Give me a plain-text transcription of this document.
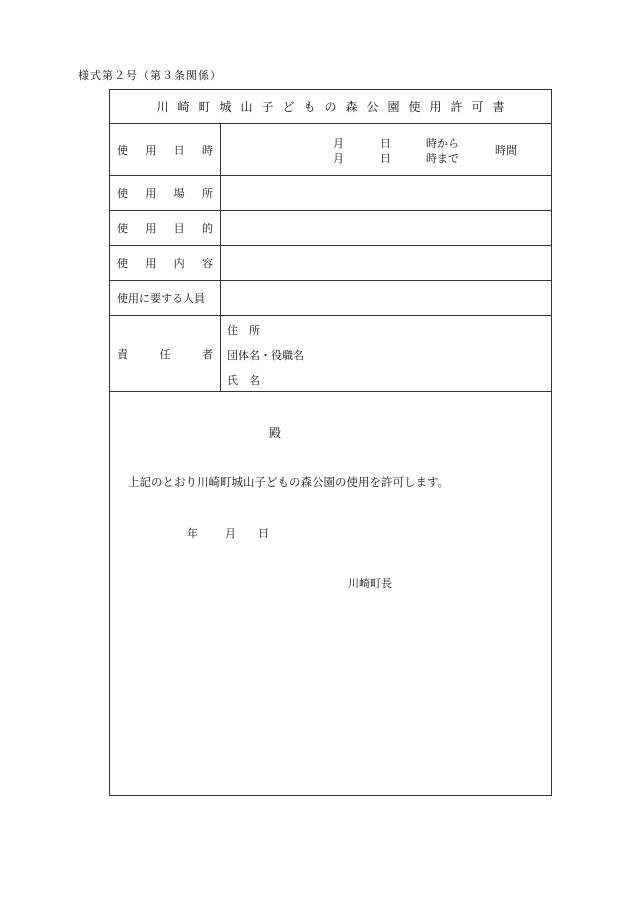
様式第２号（第３条関係）
川崎町城山子どもの森公園使用許可書
使 用 日 時	月	日	時から
月	日	時まで
時間
使 用 場 所
使 用 目 的
使 用 内 容
使用に要する人員
責	任	者
住　所
団体名・役職名
氏　名
殿
上記のとおり川崎町城山子どもの森公園の使用を許可します。
年 月 日
川崎町長
